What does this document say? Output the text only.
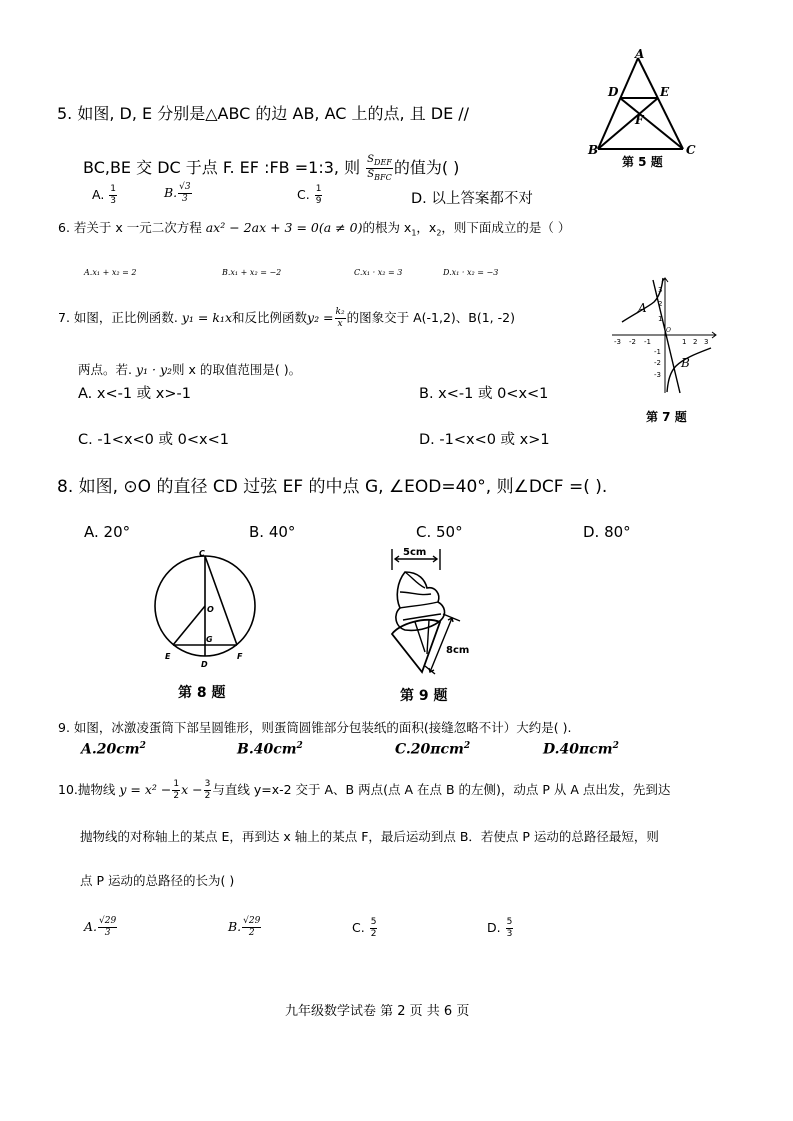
5. 如图, D, E 分别是△ABC 的边 AB, AC 上的点, 且 DE //
BC,BE 交 DC 于点 F. EF :FB =1:3, 则 $\frac{S_{DEF}}{S_{BFC}}$ 的值为( )
A. $\frac{1}{3}$	B. $\frac{√3}{3}$	C. $\frac{1}{9}$	D. 以上答案都不对
A
D	E
F
B	C
第 5 题
6. 若关于 x 一元二次方程 ax² − 2ax + 3 = 0(a ≠ 0)的根为 $x_1$，$x_2$，则下面成立的是（ ）
A.x₁ + x₂ = 2	B.x₁ + x₂ = −2	C.x₁ · x₂ = 3	D.x₁ · x₂ = −3
7. 如图，正比例函数. y₁ = k₁x和反比例函数$y_2 = \frac{\text{k₂}}{x}$ 的图象交于 A(-1,2)、B(1, -2)
两点。若. y₁ · y₂则 x 的取值范围是( )。
A. x<-1 或 x>-1	B. x<-1 或 0<x<1
C. -1<x<0 或 0<x<1	D. -1<x<0 或 x>1
-3 -2 -1	1 2 3
3
2
1
-1
-2
-3
A
B
O
第 7 题
8. 如图, ⊙O 的直径 CD 过弦 EF 的中点 G, ∠EOD=40°, 则∠DCF =( ).
A. 20°	B. 40°	C. 50°	D. 80°
C
O
G
E
D
F
第 8 题
5cm
8cm
第 9 题
9. 如图，冰激凌蛋筒下部呈圆锥形，则蛋筒圆锥部分包装纸的面积(接缝忽略不计）大约是( ).
$A.20cm^2$	$B.40cm^2$	C.20πcm$^2$	D.40πcm$^2$
10.抛物线 $y = x^2 - \frac{1}{2}$ $x - \frac{3}{2}$ 与直线 y=x-2 交于 A、B 两点(点 A 在点 B 的左侧)，动点 P 从 A 点出发，先到达
抛物线的对称轴上的某点 E，再到达 x 轴上的某点 F，最后运动到点 B．若使点 P 运动的总路径最短，则
点 P 运动的总路径的长为( )
A. $\frac{√29}{3}$	B. $\frac{√29}{2}$	C. $\frac{5}{2}$	D. $\frac{5}{3}$
九年级数学试卷 第 2 页 共 6 页
